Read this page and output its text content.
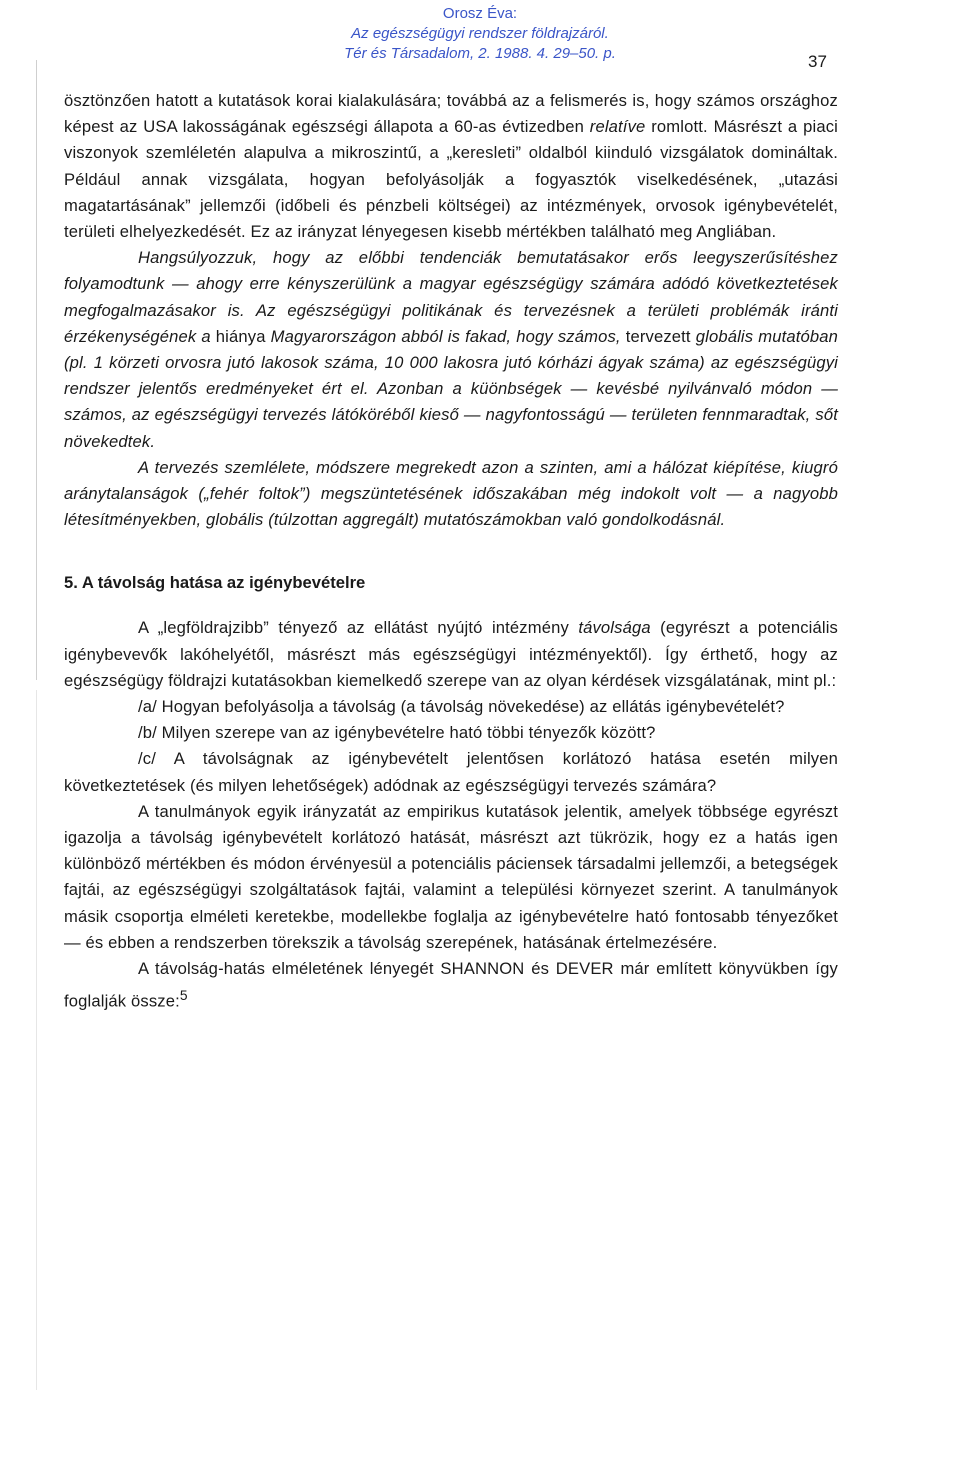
Orosz Éva:
Az egészségügyi rendszer földrajzáról.
Tér és Társadalom, 2. 1988. 4. 29–50. p.	37

ösztönzően hatott a kutatások korai kialakulására; továbbá az a felismerés is, hogy számos országhoz képest az USA lakosságának egészségi állapota a 60-as évtizedben relatíve romlott. Másrészt a piaci viszonyok szemléletén alapulva a mikroszintű, a „keresleti” oldalból kiinduló vizsgálatok domináltak. Például annak vizsgálata, hogyan befolyásolják a fogyasztók viselkedésének, „utazási magatartásának” jellemzői (időbeli és pénzbeli költségei) az intézmények, orvosok igénybevételét, területi elhelyezkedését. Ez az irányzat lényegesen kisebb mértékben található meg Angliában.

Hangsúlyozzuk, hogy az előbbi tendenciák bemutatásakor erős leegyszerűsítéshez folyamodtunk — ahogy erre kényszerülünk a magyar egészségügy számára adódó következtetések megfogalmazásakor is. Az egészségügyi politikának és tervezésnek a területi problémák iránti érzékenységének a hiánya Magyarországon abból is fakad, hogy számos, tervezett globális mutatóban (pl. 1 körzeti orvosra jutó lakosok száma, 10 000 lakosra jutó kórházi ágyak száma) az egészségügyi rendszer jelentős eredményeket ért el. Azonban a küönbségek — kevésbé nyilvánvaló módon — számos, az egészségügyi tervezés látóköréből kieső — nagyfontosságú — területen fennmaradtak, sőt növekedtek.

A tervezés szemlélete, módszere megrekedt azon a szinten, ami a hálózat kiépítése, kiugró aránytalanságok („fehér foltok”) megszüntetésének időszakában még indokolt volt — a nagyobb létesítményekben, globális (túlzottan aggregált) mutatószámokban való gondolkodásnál.

5. A távolság hatása az igénybevételre

A „legföldrajzibb” tényező az ellátást nyújtó intézmény távolsága (egyrészt a potenciális igénybevevők lakóhelyétől, másrészt más egészségügyi intézményektől). Így érthető, hogy az egészségügy földrajzi kutatásokban kiemelkedő szerepe van az olyan kérdések vizsgálatának, mint pl.:

/a/ Hogyan befolyásolja a távolság (a távolság növekedése) az ellátás igénybevételét?

/b/ Milyen szerepe van az igénybevételre ható többi tényezők között?

/c/ A távolságnak az igénybevételt jelentősen korlátozó hatása esetén milyen következtetések (és milyen lehetőségek) adódnak az egészségügyi tervezés számára?

A tanulmányok egyik irányzatát az empirikus kutatások jelentik, amelyek többsége egyrészt igazolja a távolság igénybevételt korlátozó hatását, másrészt azt tükrözik, hogy ez a hatás igen különböző mértékben és módon érvényesül a potenciális páciensek társadalmi jellemzői, a betegségek fajtái, az egészségügyi szolgáltatások fajtái, valamint a települési környezet szerint. A tanulmányok másik csoportja elméleti keretekbe, modellekbe foglalja az igénybevételre ható fontosabb tényezőket — és ebben a rendszerben törekszik a távolság szerepének, hatásának értelmezésére.

A távolság-hatás elméletének lényegét SHANNON és DEVER már említett könyvükben így foglalják össze:$^5$
